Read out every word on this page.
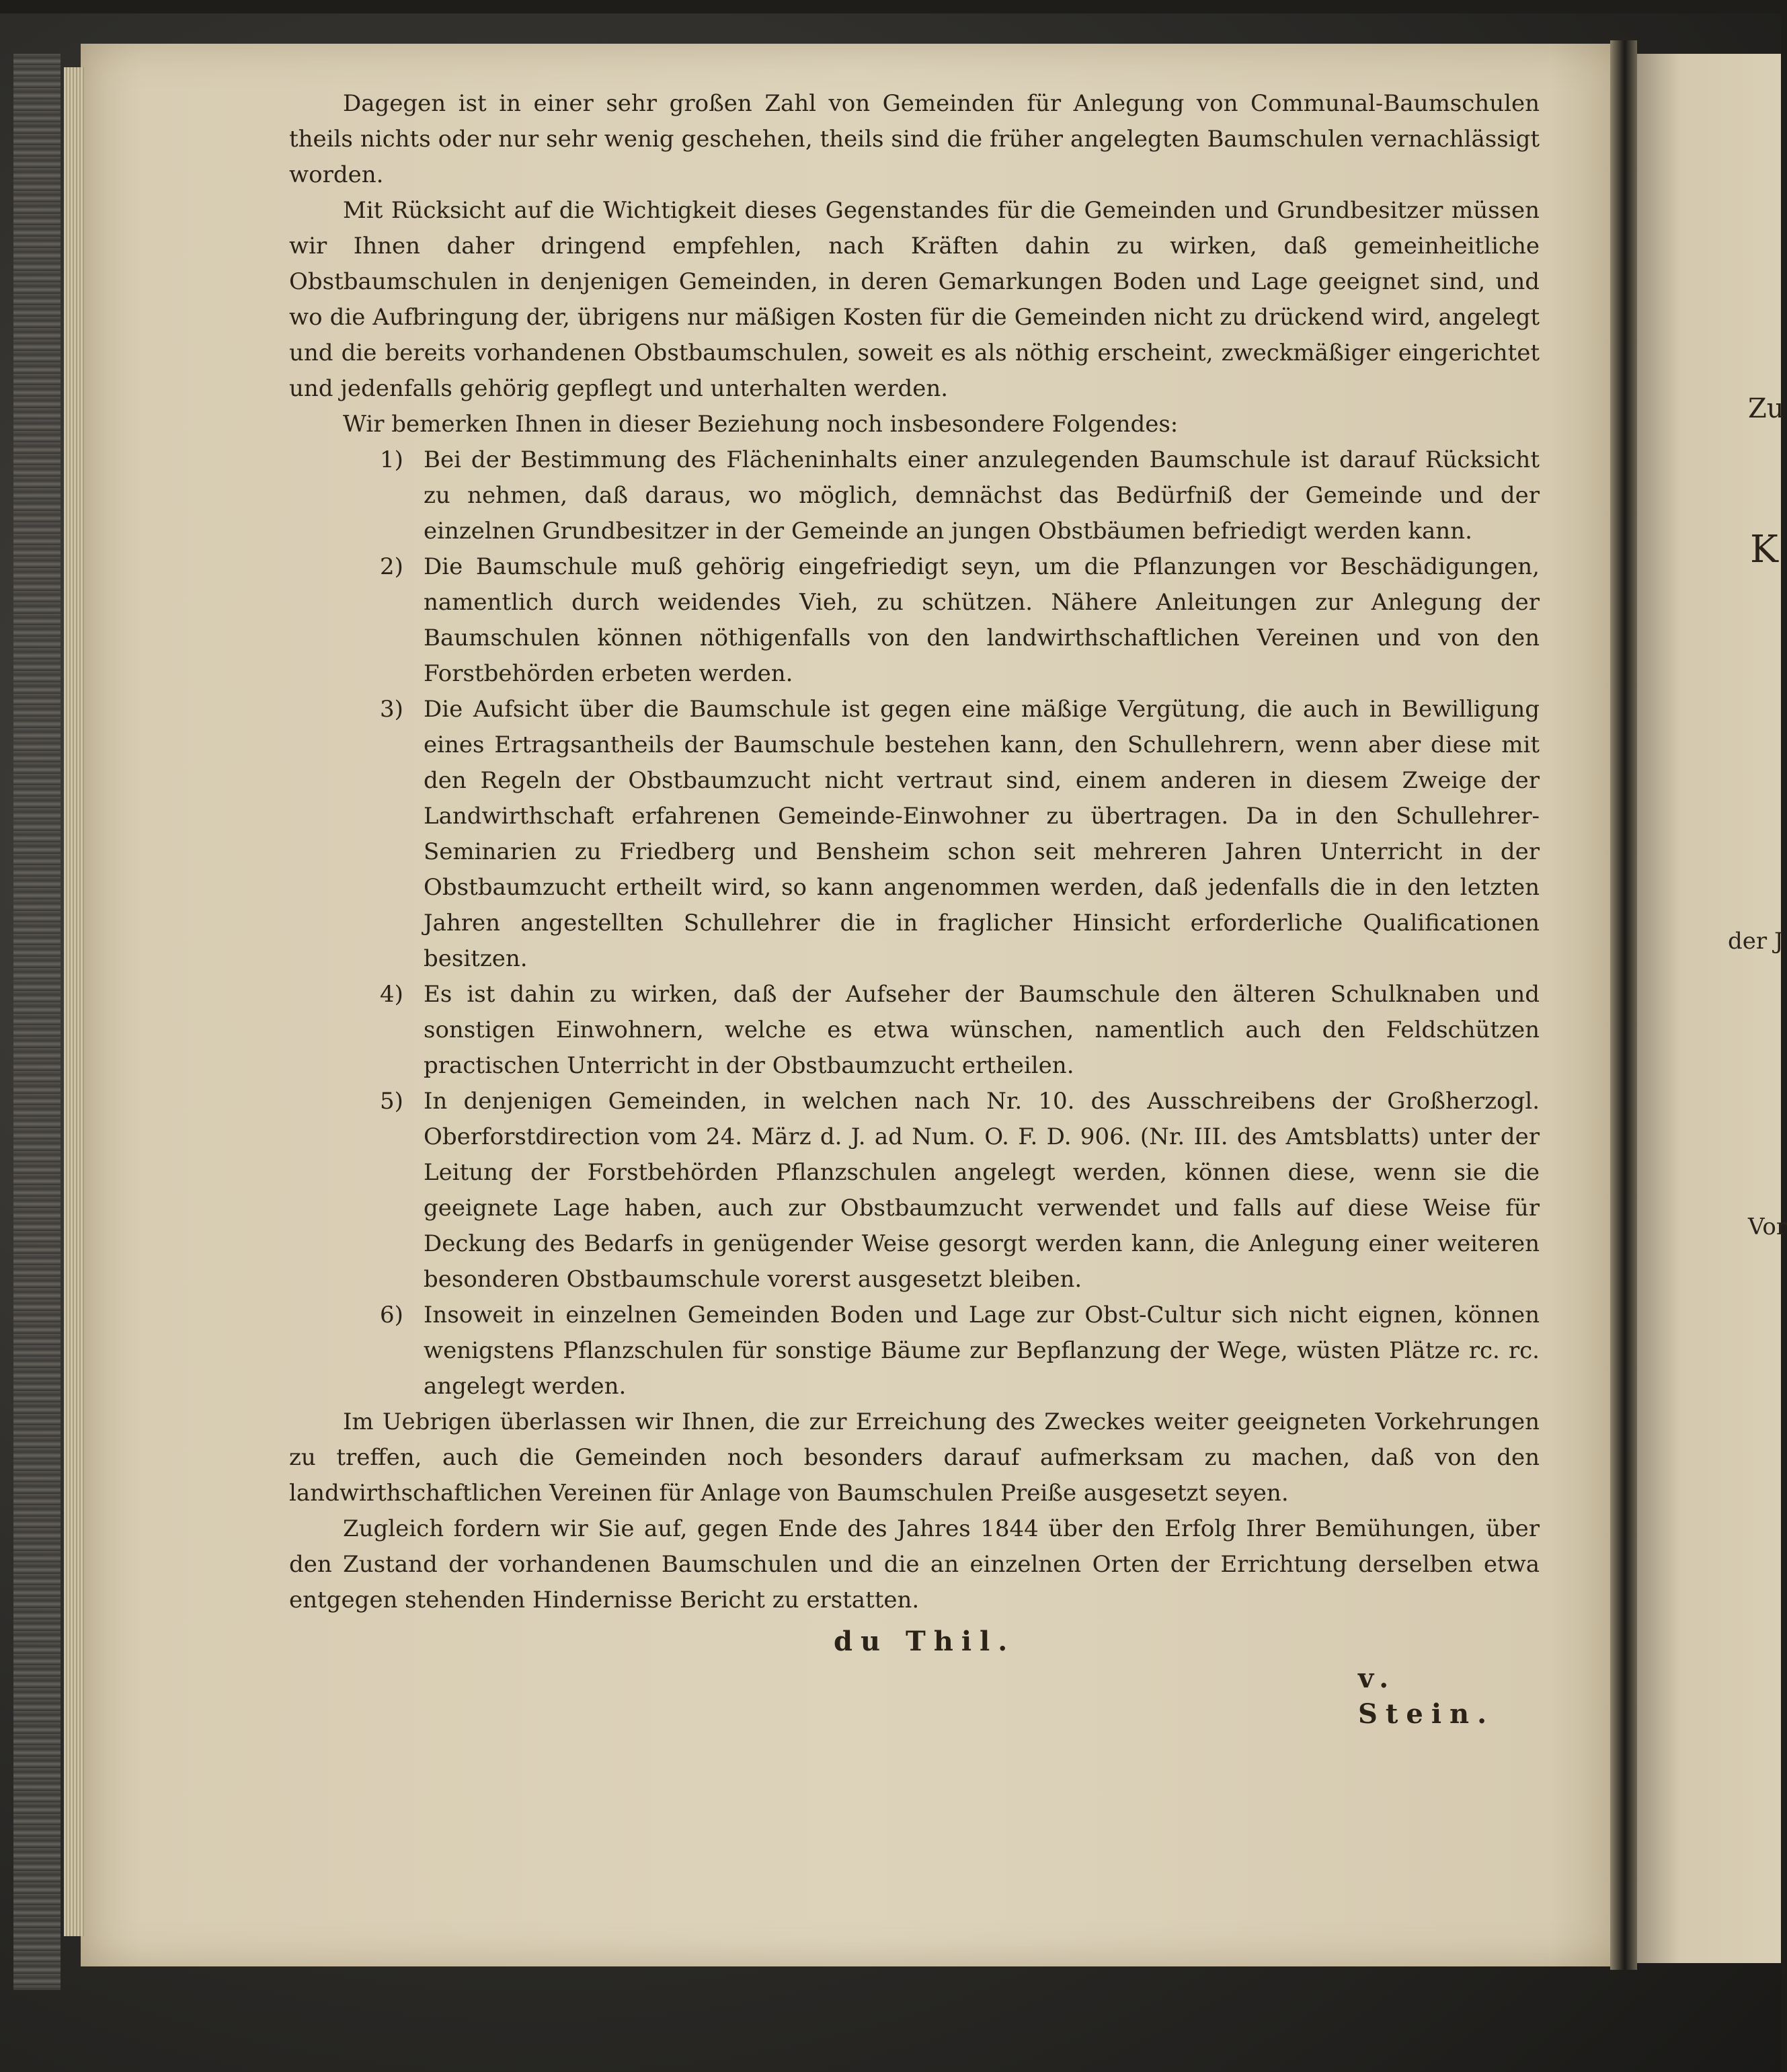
Zu
K
der J
Vor

Dagegen ist in einer sehr großen Zahl von Gemeinden für Anlegung von Communal-Baumschulen theils nichts oder nur sehr wenig geschehen, theils sind die früher angelegten Baumschulen vernachlässigt worden.

Mit Rücksicht auf die Wichtigkeit dieses Gegenstandes für die Gemeinden und Grundbesitzer müssen wir Ihnen daher dringend empfehlen, nach Kräften dahin zu wirken, daß gemeinheitliche Obstbaumschulen in denjenigen Gemeinden, in deren Gemarkungen Boden und Lage geeignet sind, und wo die Aufbringung der, übrigens nur mäßigen Kosten für die Gemeinden nicht zu drückend wird, angelegt und die bereits vorhandenen Obstbaumschulen, soweit es als nöthig erscheint, zweckmäßiger eingerichtet und jedenfalls gehörig gepflegt und unterhalten werden.

Wir bemerken Ihnen in dieser Beziehung noch insbesondere Folgendes:

1) Bei der Bestimmung des Flächeninhalts einer anzulegenden Baumschule ist darauf Rücksicht zu nehmen, daß daraus, wo möglich, demnächst das Bedürfniß der Gemeinde und der einzelnen Grundbesitzer in der Gemeinde an jungen Obstbäumen befriedigt werden kann.
2) Die Baumschule muß gehörig eingefriedigt seyn, um die Pflanzungen vor Beschädigungen, namentlich durch weidendes Vieh, zu schützen. Nähere Anleitungen zur Anlegung der Baumschulen können nöthigenfalls von den landwirthschaftlichen Vereinen und von den Forstbehörden erbeten werden.
3) Die Aufsicht über die Baumschule ist gegen eine mäßige Vergütung, die auch in Bewilligung eines Ertragsantheils der Baumschule bestehen kann, den Schullehrern, wenn aber diese mit den Regeln der Obstbaumzucht nicht vertraut sind, einem anderen in diesem Zweige der Landwirthschaft erfahrenen Gemeinde-Einwohner zu übertragen. Da in den Schullehrer-Seminarien zu Friedberg und Bensheim schon seit mehreren Jahren Unterricht in der Obstbaumzucht ertheilt wird, so kann angenommen werden, daß jedenfalls die in den letzten Jahren angestellten Schullehrer die in fraglicher Hinsicht erforderliche Qualificationen besitzen.
4) Es ist dahin zu wirken, daß der Aufseher der Baumschule den älteren Schulknaben und sonstigen Einwohnern, welche es etwa wünschen, namentlich auch den Feldschützen practischen Unterricht in der Obstbaumzucht ertheilen.
5) In denjenigen Gemeinden, in welchen nach Nr. 10. des Ausschreibens der Großherzogl. Oberforstdirection vom 24. März d. J. ad Num. O. F. D. 906. (Nr. III. des Amtsblatts) unter der Leitung der Forstbehörden Pflanzschulen angelegt werden, können diese, wenn sie die geeignete Lage haben, auch zur Obstbaumzucht verwendet und falls auf diese Weise für Deckung des Bedarfs in genügender Weise gesorgt werden kann, die Anlegung einer weiteren besonderen Obstbaumschule vorerst ausgesetzt bleiben.
6) Insoweit in einzelnen Gemeinden Boden und Lage zur Obst-Cultur sich nicht eignen, können wenigstens Pflanzschulen für sonstige Bäume zur Bepflanzung der Wege, wüsten Plätze rc. rc. angelegt werden.

Im Uebrigen überlassen wir Ihnen, die zur Erreichung des Zweckes weiter geeigneten Vorkehrungen zu treffen, auch die Gemeinden noch besonders darauf aufmerksam zu machen, daß von den landwirthschaftlichen Vereinen für Anlage von Baumschulen Preiße ausgesetzt seyen.

Zugleich fordern wir Sie auf, gegen Ende des Jahres 1844 über den Erfolg Ihrer Bemühungen, über den Zustand der vorhandenen Baumschulen und die an einzelnen Orten der Errichtung derselben etwa entgegen stehenden Hindernisse Bericht zu erstatten.

du Thil.
v. Stein.
